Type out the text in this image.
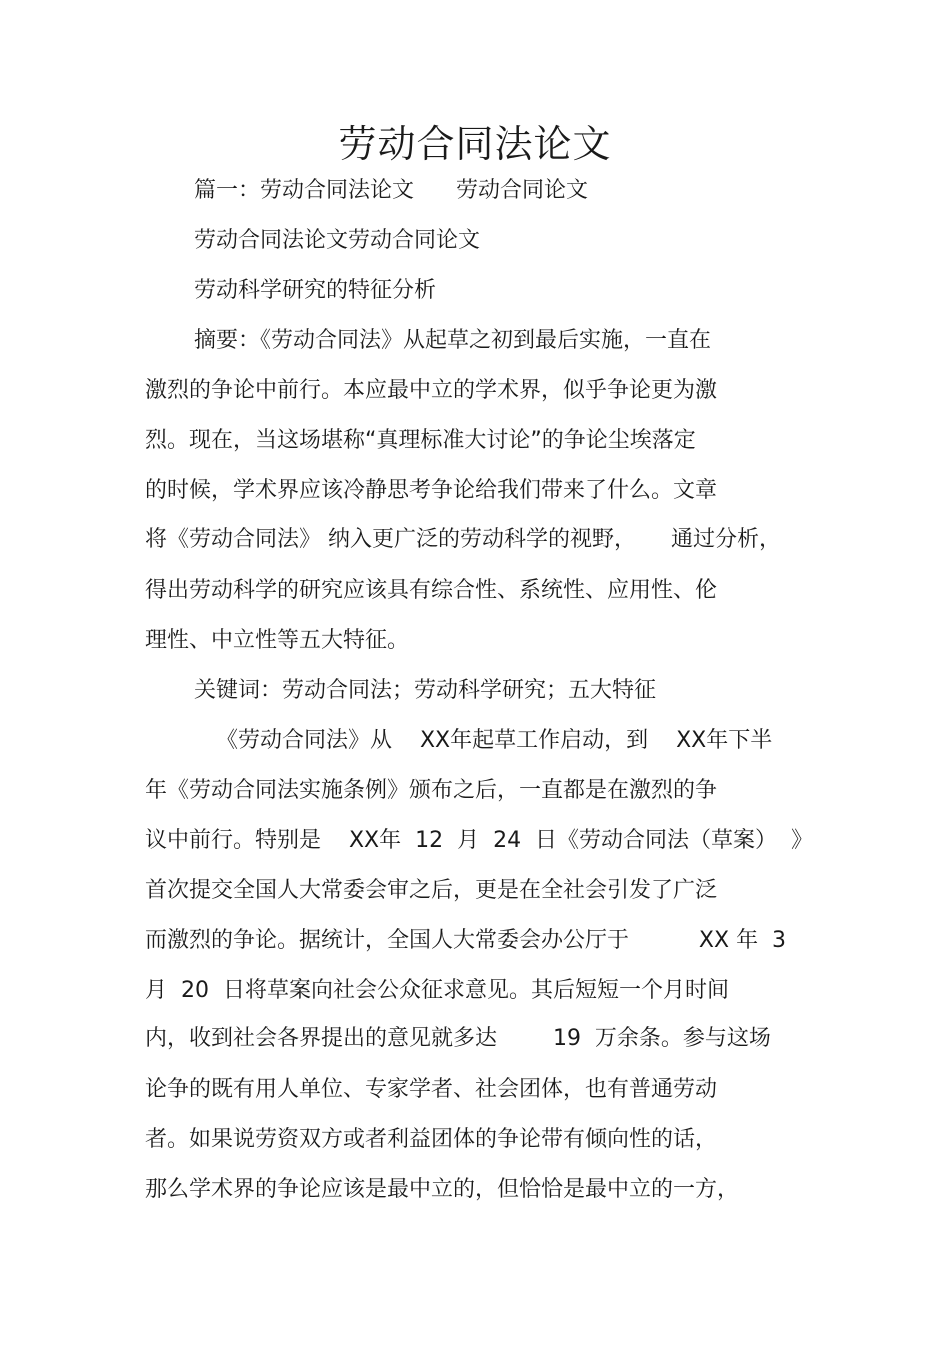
劳动合同法论文

篇一：劳动合同法论文      劳动合同论文

劳动合同法论文劳动合同论文

劳动科学研究的特征分析

摘要：《劳动合同法》从起草之初到最后实施，一直在

激烈的争论中前行。本应最中立的学术界，似乎争论更为激

烈。现在，当这场堪称“真理标准大讨论”的争论尘埃落定

的时候，学术界应该冷静思考争论给我们带来了什么。文章

将《劳动合同法》 纳入更广泛的劳动科学的视野，     通过分析，

得出劳动科学的研究应该具有综合性、系统性、应用性、伦

理性、中立性等五大特征。

关键词：劳动合同法；劳动科学研究；五大特征

《劳动合同法》从    XX年起草工作启动，到    XX年下半

年《劳动合同法实施条例》颁布之后，一直都是在激烈的争

议中前行。特别是    XX年  12  月  24  日《劳动合同法（草案）  》

首次提交全国人大常委会审之后，更是在全社会引发了广泛

而激烈的争论。据统计，全国人大常委会办公厅于          XX 年  3

月  20  日将草案向社会公众征求意见。其后短短一个月时间

内，收到社会各界提出的意见就多达        19  万余条。参与这场

论争的既有用人单位、专家学者、社会团体，也有普通劳动

者。如果说劳资双方或者利益团体的争论带有倾向性的话，

那么学术界的争论应该是最中立的，但恰恰是最中立的一方，
